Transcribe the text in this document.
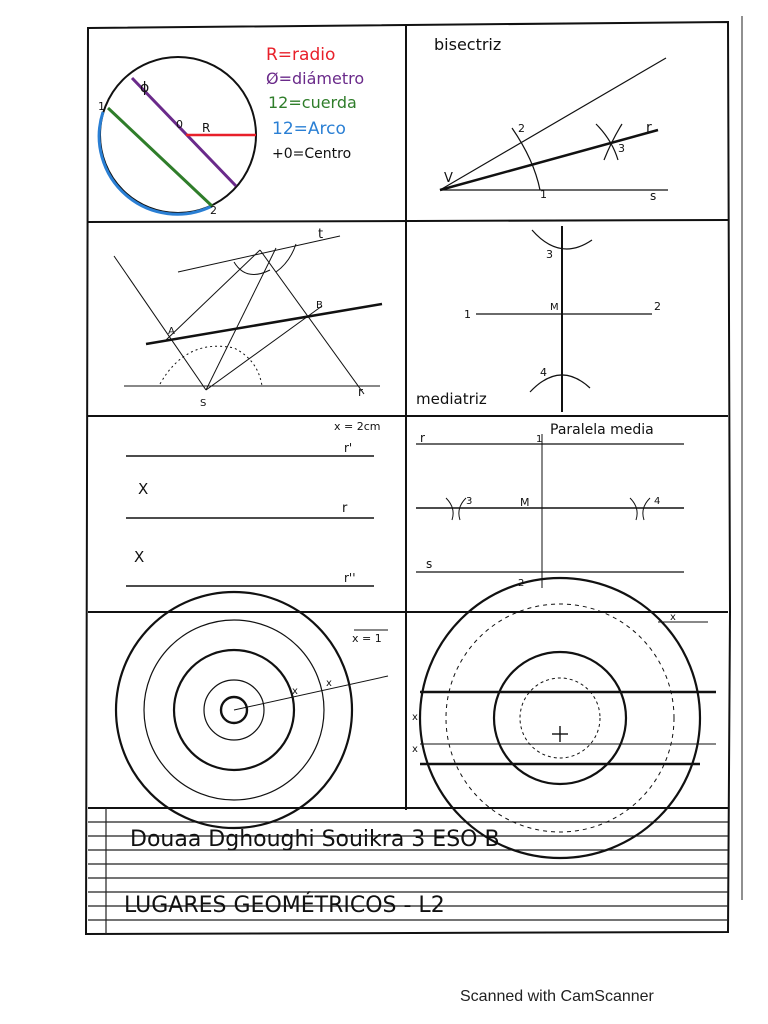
ϕ
1
2
0 R
R=radio
Ø=diámetro
12=cuerda
12=Arco
+0=Centro
bisectriz
V
1
2
3
r
s
t
A
B
S
r
3
1
2
M
4
mediatriz
x = 2cm
r'
r
r''
X
X
Paralela media
r
s
M
3	4
1
2
x = 1
x
x
x
x
x
Douaa Dghoughi Souikra 3 ESO B
LUGARES GEOMÉTRICOS - L2
Scanned with CamScanner
